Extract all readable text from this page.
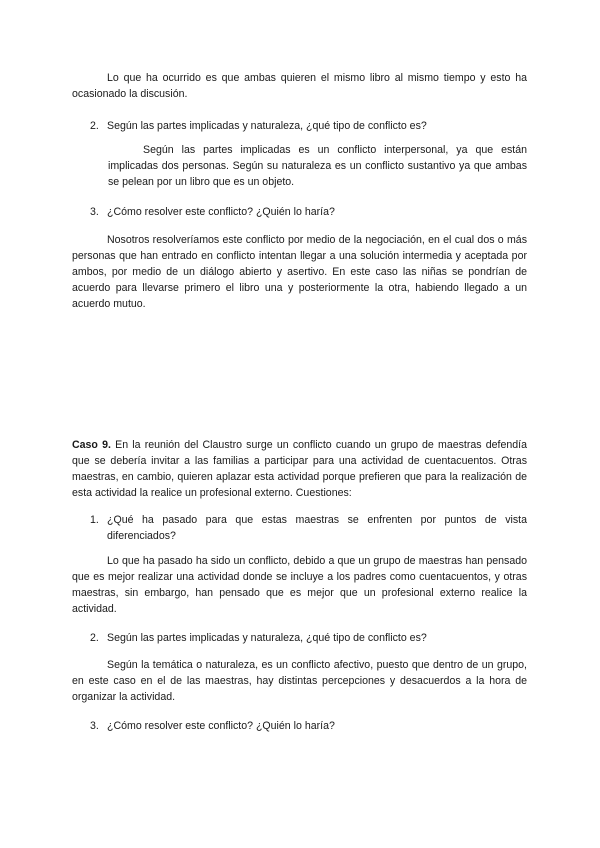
Lo que ha ocurrido es que ambas quieren el mismo libro al mismo tiempo y esto ha ocasionado la discusión.

2. Según las partes implicadas y naturaleza, ¿qué tipo de conflicto es?

Según las partes implicadas es un conflicto interpersonal, ya que están implicadas dos personas. Según su naturaleza es un conflicto sustantivo ya que ambas se pelean por un libro que es un objeto.

3. ¿Cómo resolver este conflicto? ¿Quién lo haría?

Nosotros resolveríamos este conflicto por medio de la negociación, en el cual dos o más personas que han entrado en conflicto intentan llegar a una solución intermedia y aceptada por ambos, por medio de un diálogo abierto y asertivo. En este caso las niñas se pondrían de acuerdo para llevarse primero el libro una y posteriormente la otra, habiendo llegado a un acuerdo mutuo.

Caso 9. En la reunión del Claustro surge un conflicto cuando un grupo de maestras defendía que se debería invitar a las familias a participar para una actividad de cuentacuentos. Otras maestras, en cambio, quieren aplazar esta actividad porque prefieren que para la realización de esta actividad la realice un profesional externo. Cuestiones:

1. ¿Qué ha pasado para que estas maestras se enfrenten por puntos de vista diferenciados?

Lo que ha pasado ha sido un conflicto, debido a que un grupo de maestras han pensado que es mejor realizar una actividad donde se incluye a los padres como cuentacuentos, y otras maestras, sin embargo, han pensado que es mejor que un profesional externo realice la actividad.

2. Según las partes implicadas y naturaleza, ¿qué tipo de conflicto es?

Según la temática o naturaleza, es un conflicto afectivo, puesto que dentro de un grupo, en este caso en el de las maestras, hay distintas percepciones y desacuerdos a la hora de organizar la actividad.

3. ¿Cómo resolver este conflicto? ¿Quién lo haría?
